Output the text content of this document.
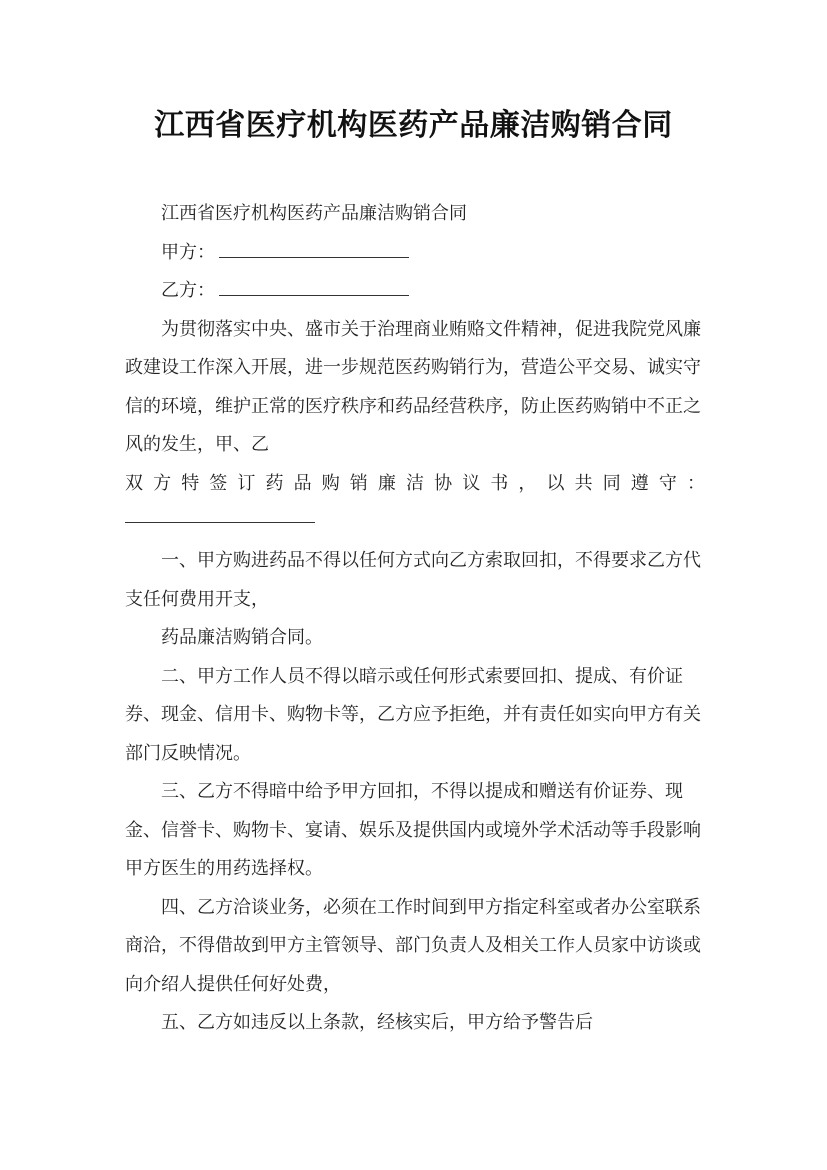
江西省医疗机构医药产品廉洁购销合同

江西省医疗机构医药产品廉洁购销合同

甲方：

乙方：

为贯彻落实中央、盛市关于治理商业贿赂文件精神，促进我院党风廉政建设工作深入开展，进一步规范医药购销行为，营造公平交易、诚实守信的环境，维护正常的医疗秩序和药品经营秩序，防止医药购销中不正之风的发生，甲、乙

双方特签订药品购销廉洁协议书，以共同遵守：

一、甲方购进药品不得以任何方式向乙方索取回扣，不得要求乙方代支任何费用开支，

药品廉洁购销合同。

二、甲方工作人员不得以暗示或任何形式索要回扣、提成、有价证券、现金、信用卡、购物卡等，乙方应予拒绝，并有责任如实向甲方有关部门反映情况。

三、乙方不得暗中给予甲方回扣，不得以提成和赠送有价证券、现金、信誉卡、购物卡、宴请、娱乐及提供国内或境外学术活动等手段影响甲方医生的用药选择权。

四、乙方洽谈业务，必须在工作时间到甲方指定科室或者办公室联系商洽，不得借故到甲方主管领导、部门负责人及相关工作人员家中访谈或向介绍人提供任何好处费，

五、乙方如违反以上条款，经核实后，甲方给予警告后
